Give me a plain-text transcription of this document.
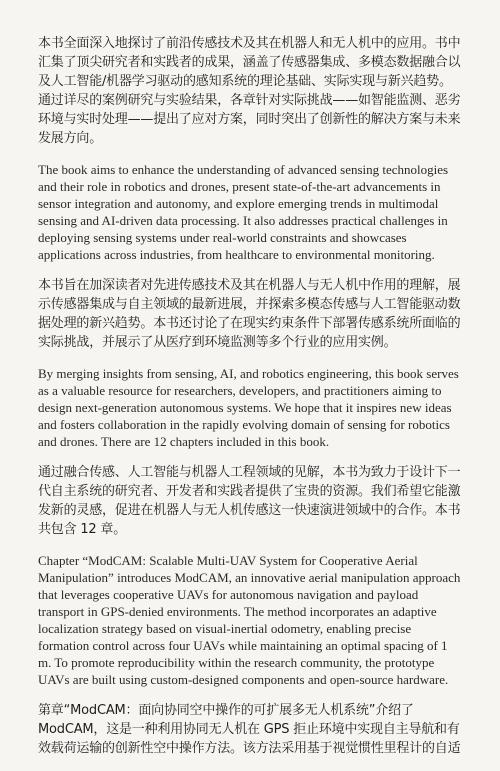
本书全面深入地探讨了前沿传感技术及其在机器人和无人机中的应用。书中汇集了顶尖研究者和实践者的成果，涵盖了传感器集成、多模态数据融合以及人工智能/机器学习驱动的感知系统的理论基础、实际实现与新兴趋势。通过详尽的案例研究与实验结果，各章针对实际挑战——如智能监测、恶劣环境与实时处理——提出了应对方案，同时突出了创新性的解决方案与未来发展方向。

The book aims to enhance the understanding of advanced sensing technologies and their role in robotics and drones, present state-of-the-art advancements in sensor integration and autonomy, and explore emerging trends in multimodal sensing and AI-driven data processing. It also addresses practical challenges in deploying sensing systems under real-world constraints and showcases applications across industries, from healthcare to environmental monitoring.

本书旨在加深读者对先进传感技术及其在机器人与无人机中作用的理解，展示传感器集成与自主领域的最新进展，并探索多模态传感与人工智能驱动数据处理的新兴趋势。本书还讨论了在现实约束条件下部署传感系统所面临的实际挑战，并展示了从医疗到环境监测等多个行业的应用实例。

By merging insights from sensing, AI, and robotics engineering, this book serves as a valuable resource for researchers, developers, and practitioners aiming to design next-generation autonomous systems. We hope that it inspires new ideas and fosters collaboration in the rapidly evolving domain of sensing for robotics and drones. There are 12 chapters included in this book.

通过融合传感、人工智能与机器人工程领域的见解，本书为致力于设计下一代自主系统的研究者、开发者和实践者提供了宝贵的资源。我们希望它能激发新的灵感，促进在机器人与无人机传感这一快速演进领域中的合作。本书共包含 12 章。

Chapter “ModCAM: Scalable Multi-UAV System for Cooperative Aerial Manipulation” introduces ModCAM, an innovative aerial manipulation approach that leverages cooperative UAVs for autonomous navigation and payload transport in GPS-denied environments. The method incorporates an adaptive localization strategy based on visual-inertial odometry, enabling precise formation control across four UAVs while maintaining an optimal spacing of 1 m. To promote reproducibility within the research community, the prototype UAVs are built using custom-designed components and open-source hardware.

第章“ModCAM：面向协同空中操作的可扩展多无人机系统”介绍了 ModCAM，这是一种利用协同无人机在 GPS 拒止环境中实现自主导航和有效载荷运输的创新性空中操作方法。该方法采用基于视觉惯性里程计的自适
